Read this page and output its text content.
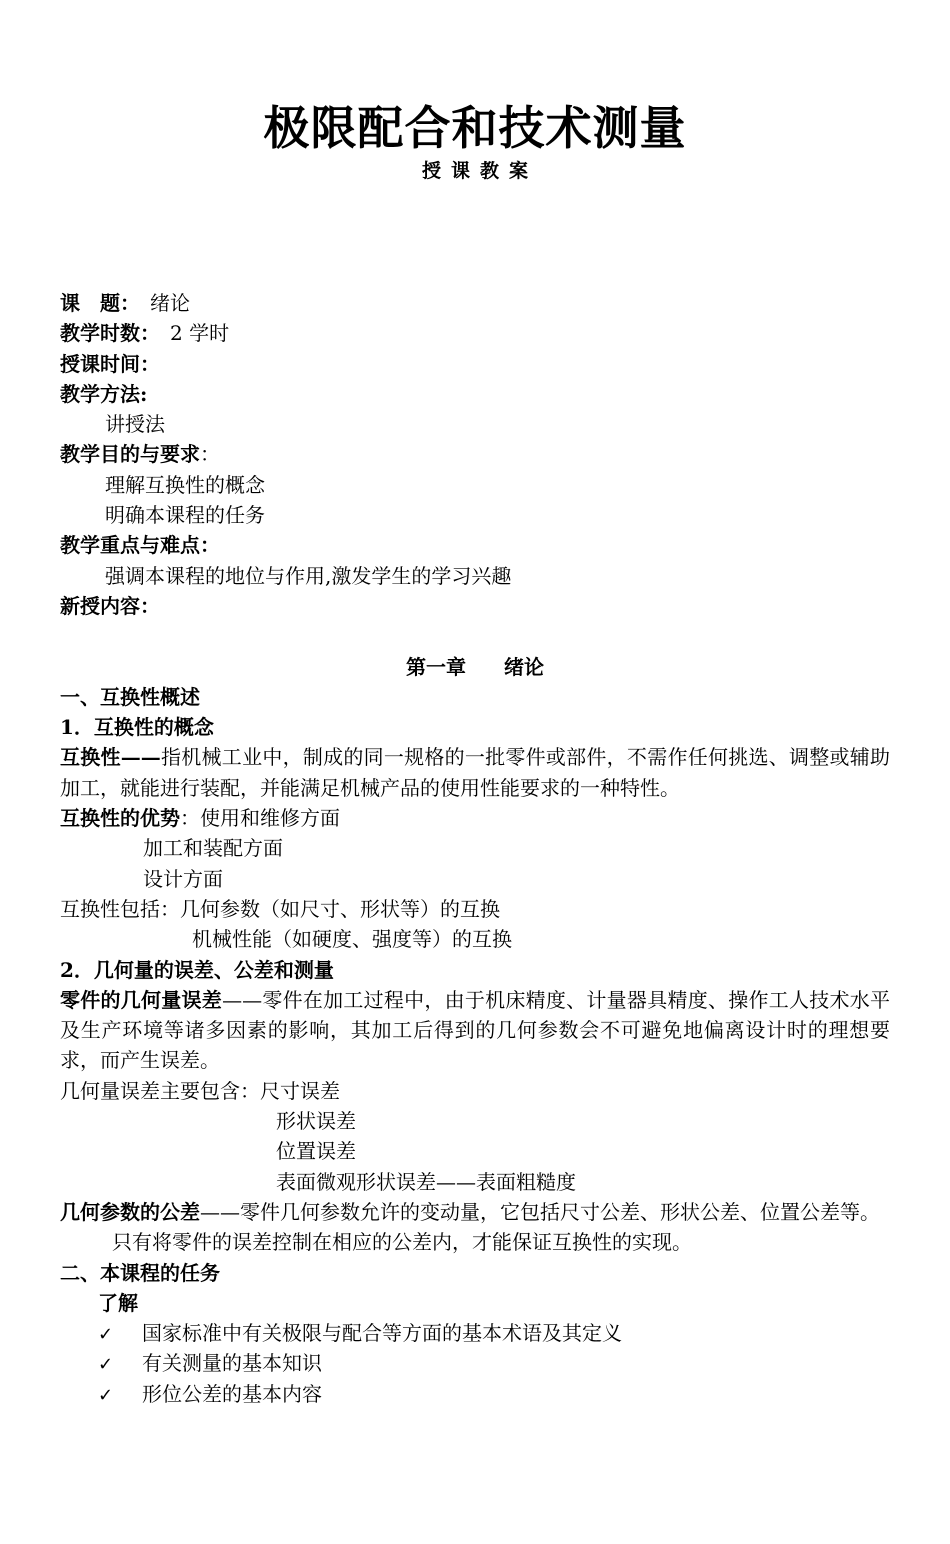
极限配合和技术测量
授课教案
课　题： 绪论
教学时数： 2 学时
授课时间：
教学方法:
讲授法
教学目的与要求：
理解互换性的概念
明确本课程的任务
教学重点与难点：
强调本课程的地位与作用,激发学生的学习兴趣
新授内容：
第一章 绪论
一、互换性概述
1．互换性的概念
互换性——指机械工业中，制成的同一规格的一批零件或部件，不需作任何挑选、调整或辅助加工，就能进行装配，并能满足机械产品的使用性能要求的一种特性。
互换性的优势：使用和维修方面
加工和装配方面
设计方面
互换性包括：几何参数（如尺寸、形状等）的互换
机械性能（如硬度、强度等）的互换
2．几何量的误差、公差和测量
零件的几何量误差——零件在加工过程中，由于机床精度、计量器具精度、操作工人技术水平及生产环境等诸多因素的影响，其加工后得到的几何参数会不可避免地偏离设计时的理想要求，而产生误差。
几何量误差主要包含：尺寸误差
形状误差
位置误差
表面微观形状误差——表面粗糙度
几何参数的公差——零件几何参数允许的变动量，它包括尺寸公差、形状公差、位置公差等。
只有将零件的误差控制在相应的公差内，才能保证互换性的实现。
二、本课程的任务
了解
✓ 国家标准中有关极限与配合等方面的基本术语及其定义
✓ 有关测量的基本知识
✓ 形位公差的基本内容
